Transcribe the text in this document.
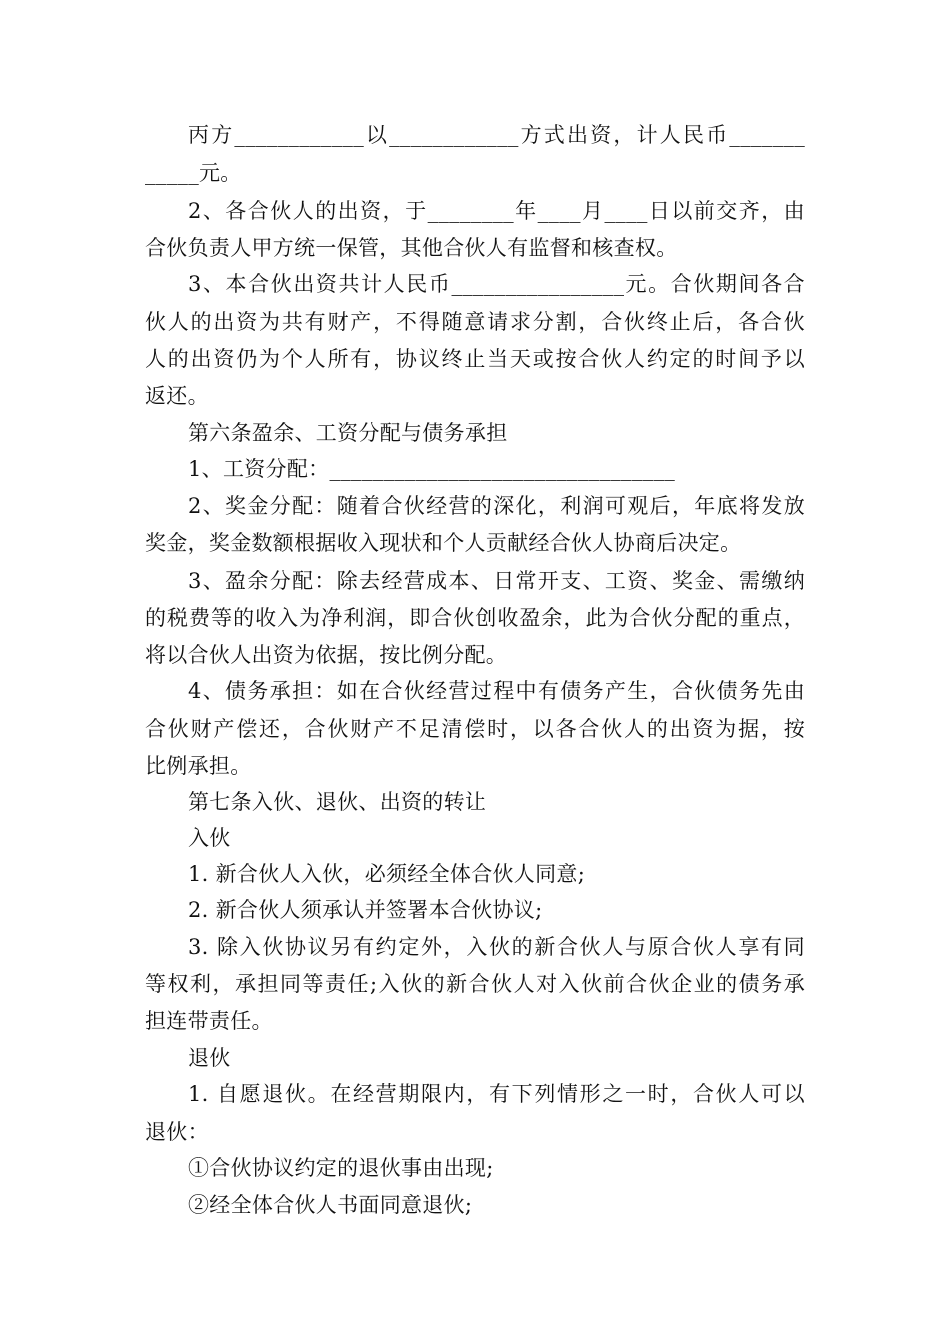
丙方____________以____________方式出资，计人民币_______
_____元。
2、各合伙人的出资，于________年____月____日以前交齐，由
合伙负责人甲方统一保管，其他合伙人有监督和核查权。
3、本合伙出资共计人民币________________元。合伙期间各合
伙人的出资为共有财产，不得随意请求分割，合伙终止后，各合伙
人的出资仍为个人所有，协议终止当天或按合伙人约定的时间予以
返还。
第六条盈余、工资分配与债务承担
1、工资分配：________________________________
2、奖金分配：随着合伙经营的深化，利润可观后，年底将发放
奖金，奖金数额根据收入现状和个人贡献经合伙人协商后决定。
3、盈余分配：除去经营成本、日常开支、工资、奖金、需缴纳
的税费等的收入为净利润，即合伙创收盈余，此为合伙分配的重点，
将以合伙人出资为依据，按比例分配。
4、债务承担：如在合伙经营过程中有债务产生，合伙债务先由
合伙财产偿还，合伙财产不足清偿时，以各合伙人的出资为据，按
比例承担。
第七条入伙、退伙、出资的转让
入伙
1. 新合伙人入伙，必须经全体合伙人同意;
2. 新合伙人须承认并签署本合伙协议;
3. 除入伙协议另有约定外，入伙的新合伙人与原合伙人享有同
等权利，承担同等责任;入伙的新合伙人对入伙前合伙企业的债务承
担连带责任。
退伙
1. 自愿退伙。在经营期限内，有下列情形之一时，合伙人可以
退伙：
①合伙协议约定的退伙事由出现;
②经全体合伙人书面同意退伙;
